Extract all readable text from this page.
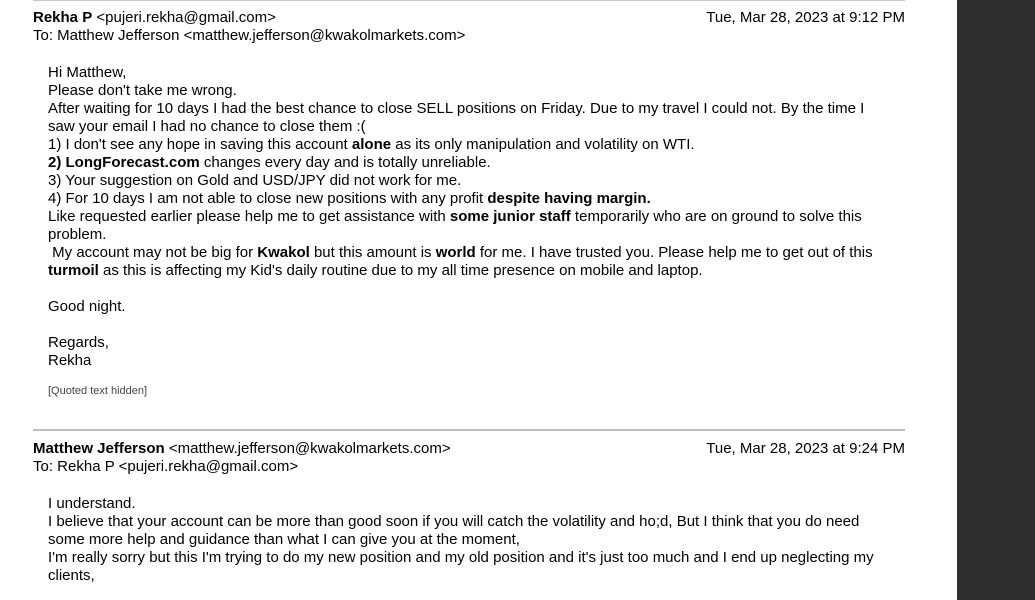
Rekha P <pujeri.rekha@gmail.com>	Tue, Mar 28, 2023 at 9:12 PM
To: Matthew Jefferson <matthew.jefferson@kwakolmarkets.com>

Hi Matthew,

Please don't take me wrong.

After waiting for 10 days I had the best chance to close SELL positions on Friday. Due to my travel I could not. By the time I saw your email I had no chance to close them :(

1) I don't see any hope in saving this account alone as its only manipulation and volatility on WTI.

2) LongForecast.com changes every day and is totally unreliable.

3) Your suggestion on Gold and USD/JPY did not work for me.

4) For 10 days I am not able to close new positions with any profit despite having margin.

Like requested earlier please help me to get assistance with some junior staff temporarily who are on ground to solve this problem.

My account may not be big for Kwakol but this amount is world for me. I have trusted you. Please help me to get out of this turmoil as this is affecting my Kid's daily routine due to my all time presence on mobile and laptop.

Good night.

Regards,

Rekha

[Quoted text hidden]
Matthew Jefferson <matthew.jefferson@kwakolmarkets.com>	Tue, Mar 28, 2023 at 9:24 PM
To: Rekha P <pujeri.rekha@gmail.com>

I understand.

I believe that your account can be more than good soon if you will catch the volatility and ho;d, But I think that you do need some more help and guidance than what I can give you at the moment,

I'm really sorry but this I'm trying to do my new position and my old position and it's just too much and I end up neglecting my clients,
